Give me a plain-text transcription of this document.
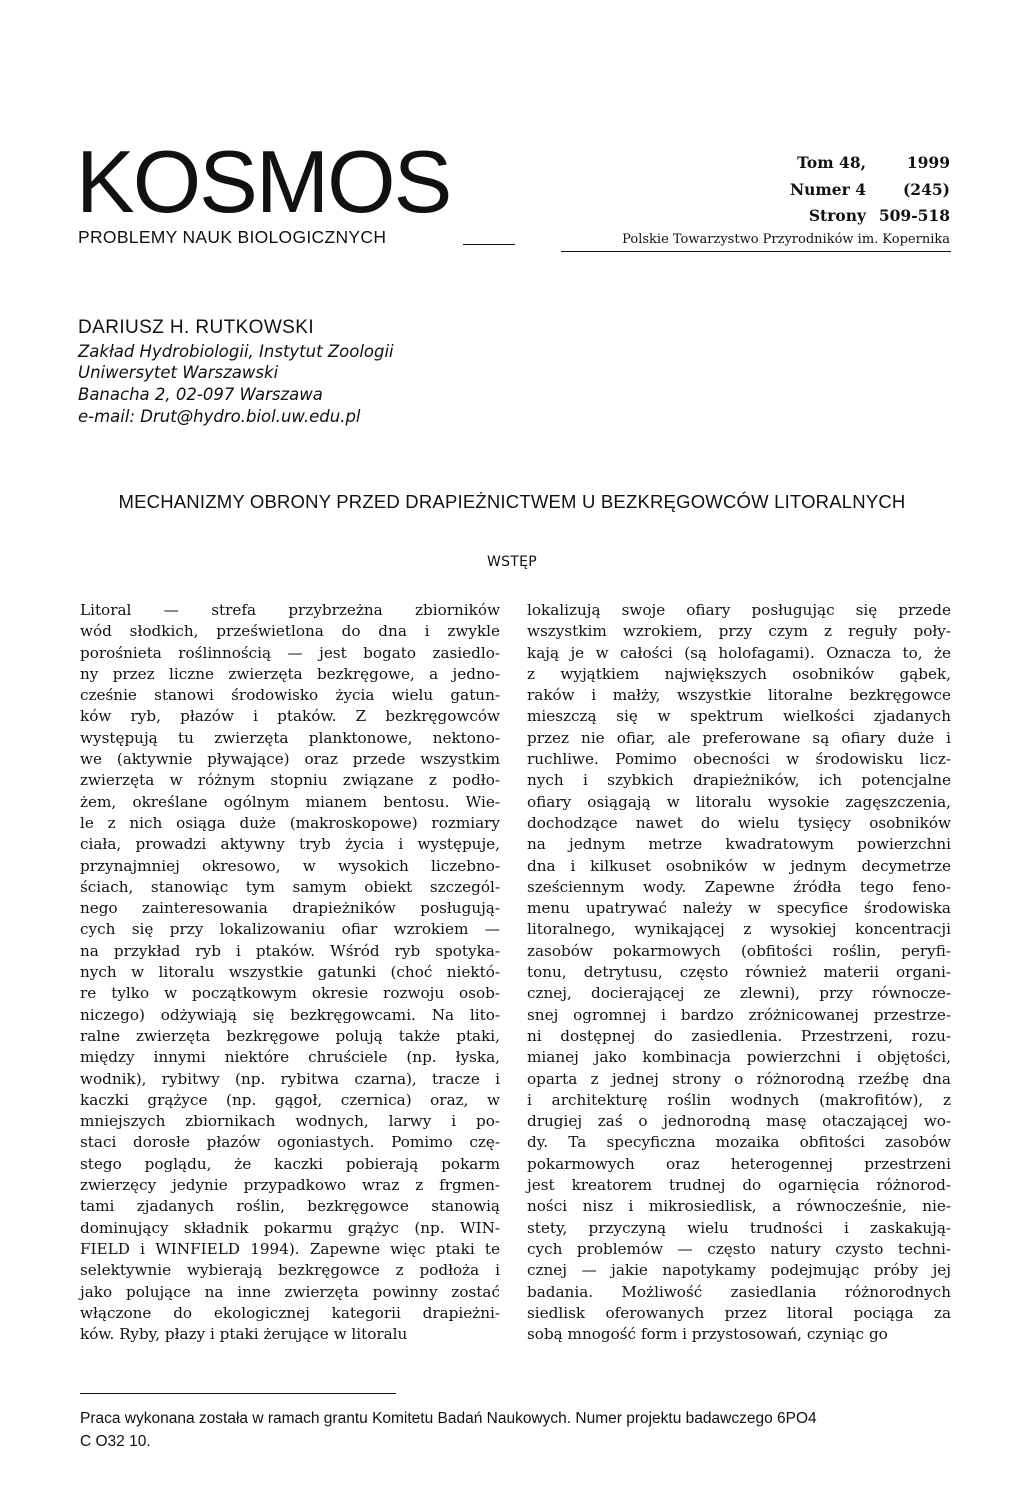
KOSMOS
PROBLEMY NAUK BIOLOGICZNYCH
Tom 48,	1999
Numer 4	(245)
Strony 509-518
Polskie Towarzystwo Przyrodników im. Kopernika
DARIUSZ H. RUTKOWSKI
Zakład Hydrobiologii, Instytut Zoologii
Uniwersytet Warszawski
Banacha 2, 02-097 Warszawa
e-mail: Drut@hydro.biol.uw.edu.pl
MECHANIZMY OBRONY PRZED DRAPIEŻNICTWEM U BEZKRĘGOWCÓW LITORALNYCH
WSTĘP
Litoral — strefa przybrzeżna zbiorników
wód słodkich, prześwietlona do dna i zwykle
porośnieta roślinnością — jest bogato zasiedlo-
ny przez liczne zwierzęta bezkręgowe, a jedno-
cześnie stanowi środowisko życia wielu gatun-
ków ryb, płazów i ptaków. Z bezkręgowców
występują tu zwierzęta planktonowe, nektono-
we (aktywnie pływające) oraz przede wszystkim
zwierzęta w różnym stopniu związane z podło-
żem, określane ogólnym mianem bentosu. Wie-
le z nich osiąga duże (makroskopowe) rozmiary
ciała, prowadzi aktywny tryb życia i występuje,
przynajmniej okresowo, w wysokich liczebno-
ściach, stanowiąc tym samym obiekt szczegól-
nego zainteresowania drapieżników posługują-
cych się przy lokalizowaniu ofiar wzrokiem —
na przykład ryb i ptaków. Wśród ryb spotyka-
nych w litoralu wszystkie gatunki (choć niektó-
re tylko w początkowym okresie rozwoju osob-
niczego) odżywiają się bezkręgowcami. Na lito-
ralne zwierzęta bezkręgowe polują także ptaki,
między innymi niektóre chruściele (np. łyska,
wodnik), rybitwy (np. rybitwa czarna), tracze i
kaczki grążyce (np. gągoł, czernica) oraz, w
mniejszych zbiornikach wodnych, larwy i po-
staci dorosłe płazów ogoniastych. Pomimo czę-
stego poglądu, że kaczki pobierają pokarm
zwierzęcy jedynie przypadkowo wraz z frgmen-
tami zjadanych roślin, bezkręgowce stanowią
dominujący składnik pokarmu grążyc (np. WIN-
FIELD i WINFIELD 1994). Zapewne więc ptaki te
selektywnie wybierają bezkręgowce z podłoża i
jako polujące na inne zwierzęta powinny zostać
włączone do ekologicznej kategorii drapieżni-
ków. Ryby, płazy i ptaki żerujące w litoralu
lokalizują swoje ofiary posługując się przede
wszystkim wzrokiem, przy czym z reguły poły-
kają je w całości (są holofagami). Oznacza to, że
z wyjątkiem największych osobników gąbek,
raków i małży, wszystkie litoralne bezkręgowce
mieszczą się w spektrum wielkości zjadanych
przez nie ofiar, ale preferowane są ofiary duże i
ruchliwe. Pomimo obecności w środowisku licz-
nych i szybkich drapieżników, ich potencjalne
ofiary osiągają w litoralu wysokie zagęszczenia,
dochodzące nawet do wielu tysięcy osobników
na jednym metrze kwadratowym powierzchni
dna i kilkuset osobników w jednym decymetrze
sześciennym wody. Zapewne źródła tego feno-
menu upatrywać należy w specyfice środowiska
litoralnego, wynikającej z wysokiej koncentracji
zasobów pokarmowych (obfitości roślin, peryfi-
tonu, detrytusu, często również materii organi-
cznej, docierającej ze zlewni), przy równocze-
snej ogromnej i bardzo zróżnicowanej przestrze-
ni dostępnej do zasiedlenia. Przestrzeni, rozu-
mianej jako kombinacja powierzchni i objętości,
oparta z jednej strony o różnorodną rzeźbę dna
i architekturę roślin wodnych (makrofitów), z
drugiej zaś o jednorodną masę otaczającej wo-
dy. Ta specyficzna mozaika obfitości zasobów
pokarmowych oraz heterogennej przestrzeni
jest kreatorem trudnej do ogarnięcia różnorod-
ności nisz i mikrosiedlisk, a równocześnie, nie-
stety, przyczyną wielu trudności i zaskakują-
cych problemów — często natury czysto techni-
cznej — jakie napotykamy podejmując próby jej
badania. Możliwość zasiedlania różnorodnych
siedlisk oferowanych przez litoral pociąga za
sobą mnogość form i przystosowań, czyniąc go
Praca wykonana została w ramach grantu Komitetu Badań Naukowych. Numer projektu badawczego 6PO4
C O32 10.
